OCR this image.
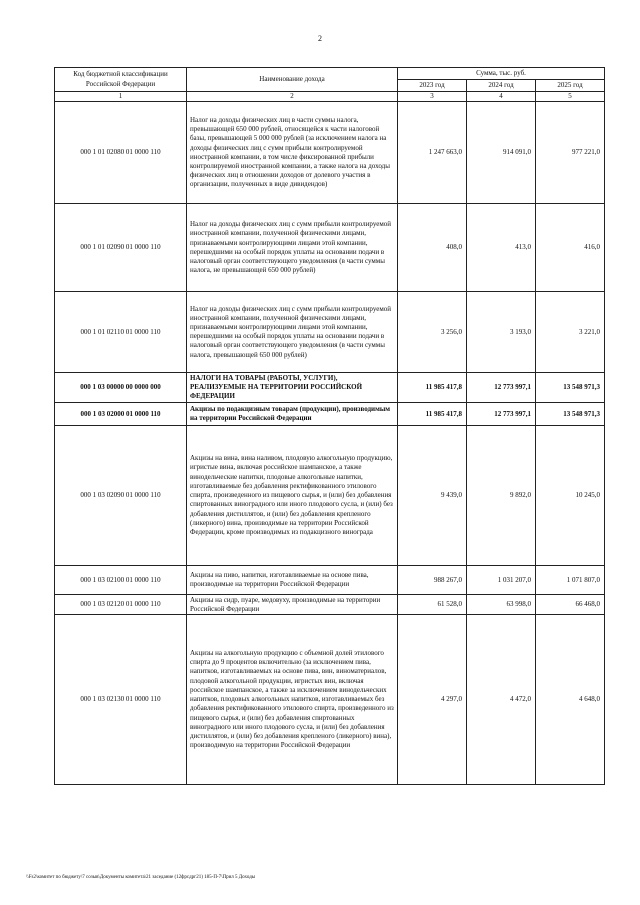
2
Код бюджетной классификации Российской Федерации	Наименование дохода	Сумма, тыс. руб.		
		2023 год	2024 год	2025 год
1	2	3	4	5
000 1 01 02080 01 0000 110	Налог на доходы физических лиц в части суммы налога, превышающей 650 000 рублей, относящейся к части налоговой базы, превышающей 5 000 000 рублей (за исключением налога на доходы физических лиц с сумм прибыли контролируемой иностранной компании, в том числе фиксированной прибыли контролируемой иностранной компании, а также налога на доходы физических лиц в отношении доходов от долевого участия в организации, полученных в виде дивидендов)	1 247 663,0	914 091,0	977 221,0
000 1 01 02090 01 0000 110	Налог на доходы физических лиц с сумм прибыли контролируемой иностранной компании, полученной физическими лицами, признаваемыми контролирующими лицами этой компании, перешедшими на особый порядок уплаты на основании подачи в налоговый орган соответствующего уведомления (в части суммы налога, не превышающей 650 000 рублей)	408,0	413,0	416,0
000 1 01 02110 01 0000 110	Налог на доходы физических лиц с сумм прибыли контролируемой иностранной компании, полученной физическими лицами, признаваемыми контролирующими лицами этой компании, перешедшими на особый порядок уплаты на основании подачи в налоговый орган соответствующего уведомления (в части суммы налога, превышающей 650 000 рублей)	3 256,0	3 193,0	3 221,0
000 1 03 00000 00 0000 000	НАЛОГИ НА ТОВАРЫ (РАБОТЫ, УСЛУГИ), РЕАЛИЗУЕМЫЕ НА ТЕРРИТОРИИ РОССИЙСКОЙ ФЕДЕРАЦИИ	11 985 417,8	12 773 997,1	13 548 971,3
000 1 03 02000 01 0000 110	Акцизы по подакцизным товарам (продукции), производимым на территории Российской Федерации	11 985 417,8	12 773 997,1	13 548 971,3
000 1 03 02090 01 0000 110	Акцизы на вина, вина наливом, плодовую алкогольную продукцию, игристые вина, включая российское шампанское, а также винодельческие напитки, плодовые алкогольные напитки, изготавливаемые без добавления ректификованного этилового спирта, произведенного из пищевого сырья, и (или) без добавления спиртованных виноградного или иного плодового сусла, и (или) без добавления дистиллятов, и (или) без добавления крепленого (ликерного) вина, производимые на территории Российской Федерации, кроме производимых из подакцизного винограда	9 439,0	9 892,0	10 245,0
000 1 03 02100 01 0000 110	Акцизы на пиво, напитки, изготавливаемые на основе пива, производимые на территории Российской Федерации	988 267,0	1 031 207,0	1 071 807,0
000 1 03 02120 01 0000 110	Акцизы на сидр, пуаре, медовуху, производимые на территории Российской Федерации	61 528,0	63 998,0	66 468,0
000 1 03 02130 01 0000 110	Акцизы на алкогольную продукцию с объемной долей этилового спирта до 9 процентов включительно (за исключением пива, напитков, изготавливаемых на основе пива, вин, виноматериалов, плодовой алкогольной продукции, игристых вин, включая российское шампанское, а также за исключением винодельческих напитков, плодовых алкогольных напитков, изготавливаемых без добавления ректификованного этилового спирта, произведенного из пищевого сырья, и (или) без добавления спиртованных виноградного или иного плодового сусла, и (или) без добавления дистиллятов, и (или) без добавления крепленого (ликерного) вина), производимую на территории Российской Федерации	4 297,0	4 472,0	4 648,0
\\Fs2\комитет по бюджету\7 созыв\Документы комитета\21 заседание (12фрсдрг21) 185-П-7\Прил 5 Доходы
